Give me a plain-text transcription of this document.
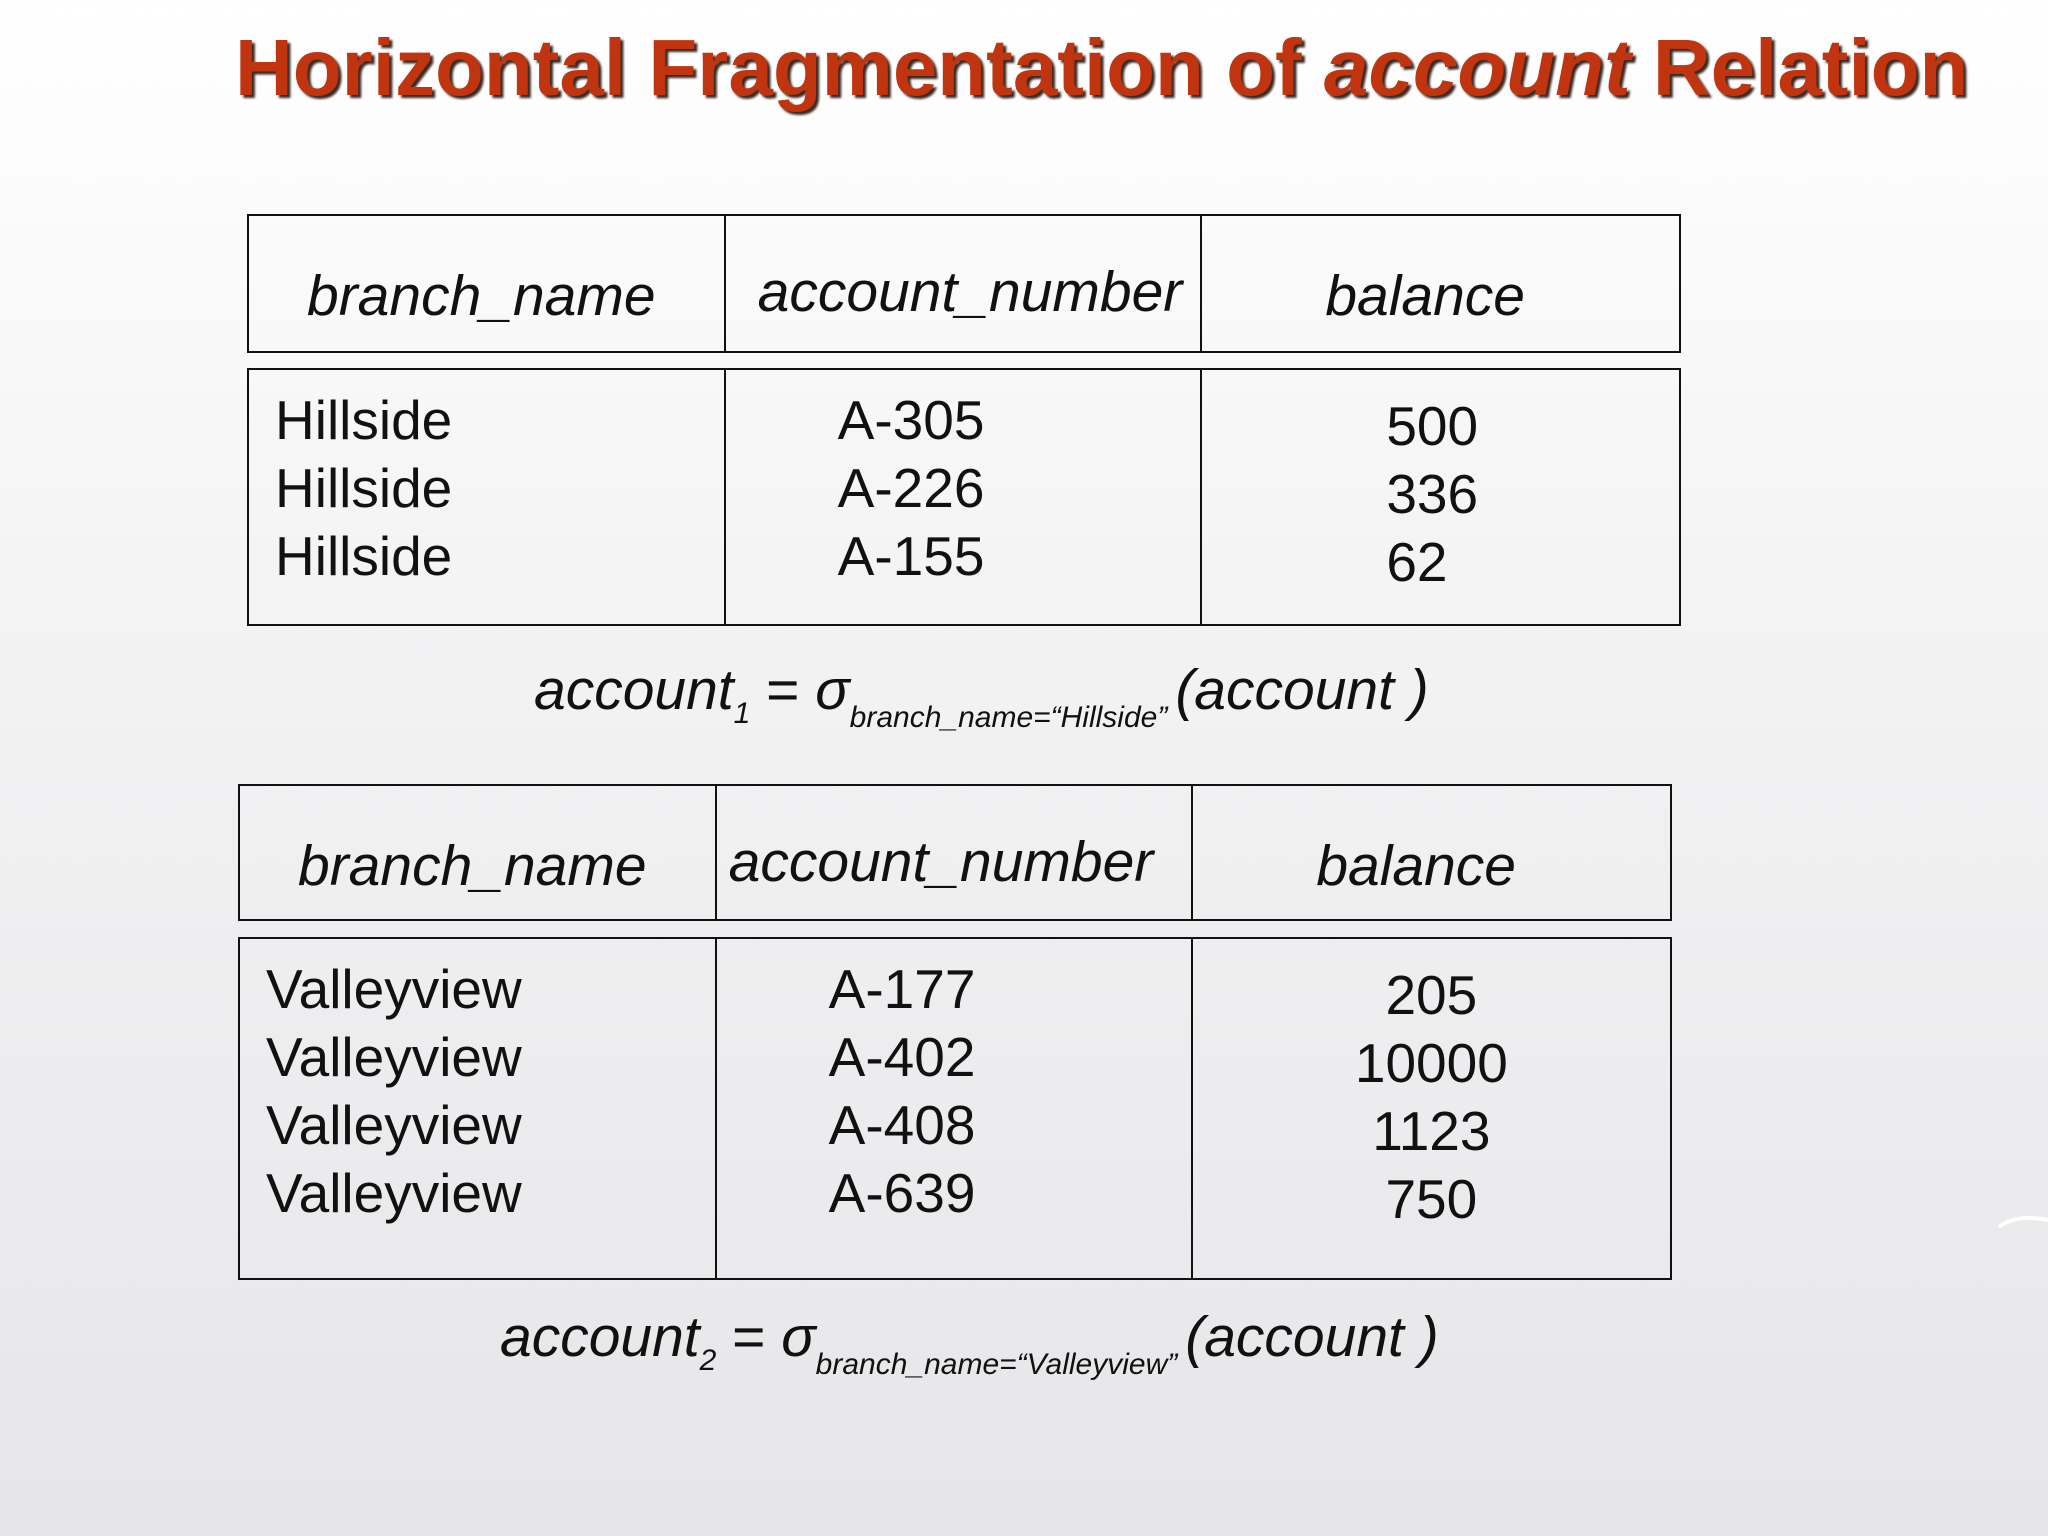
Horizontal Fragmentation of account Relation
branch_name account_number	balance
Hillside
Hillside
Hillside
A-305
A-226
A-155
500
336
62
account$_1$ = $\sigma_{branch\_name=“Hillside”}$ (account )
branch_name account_number	balance
Valleyview
Valleyview
Valleyview
Valleyview
A-177
A-402
A-408
A-639
205
10000
1123
750
account$_2$ = $\sigma_{branch\_name=“Valleyview”}$ (account )
